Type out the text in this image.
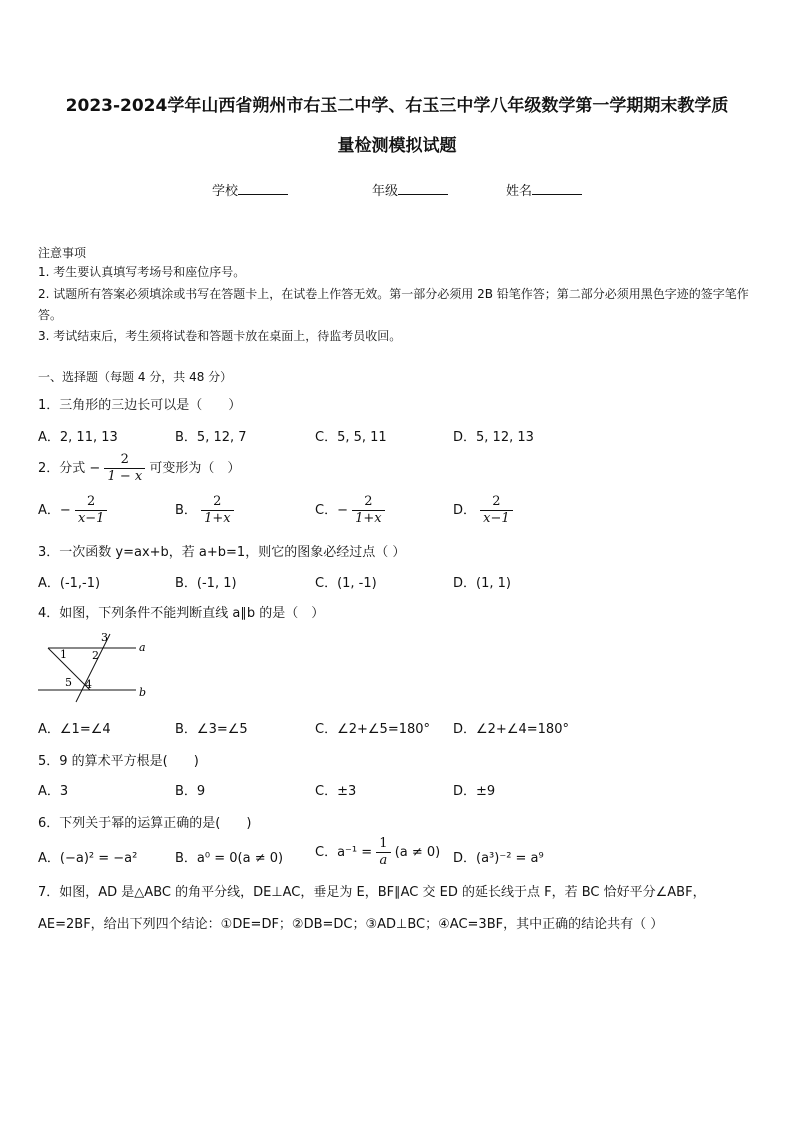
2023-2024学年山西省朔州市右玉二中学、右玉三中学八年级数学第一学期期末教学质
量检测模拟试题
学校	年级	姓名
注意事项
1. 考生要认真填写考场号和座位序号。
2. 试题所有答案必须填涂或书写在答题卡上，在试卷上作答无效。第一部分必须用 2B 铅笔作答；第二部分必须用黑色字迹的签字笔作答。
3. 考试结束后，考生须将试卷和答题卡放在桌面上，待监考员收回。
一、选择题（每题 4 分，共 48 分）
1．三角形的三边长可以是（　　）
A．2, 11, 13	B．5, 12, 7	C．5, 5, 11	D．5, 12, 13
2．分式 − $\frac{2}{1 - x}$ 可变形为（　）
A．− $\frac{2}{x-1}$	B． $\frac{2}{1+x}$	C．− $\frac{2}{1+x}$	D． $\frac{2}{x-1}$
3．一次函数 y=ax+b，若 a+b=1，则它的图象必经过点（ ）
A．(-1,-1)	B．(-1, 1)	C．(1, -1)	D．(1, 1)
4．如图，下列条件不能判断直线 a∥b 的是（　）
3
1 2
5 4
a
b
A．∠1=∠4	B．∠3=∠5	C．∠2+∠5=180° D．∠2+∠4=180°
5．9 的算术平方根是(　　)
A．3	B．9	C．±3	D．±9
6．下列关于幂的运算正确的是(　　)
A．(−a)² = −a²	B．a⁰ = 0(a ≠ 0) C．$a^{-1} = \frac{1}{a} (a \ne 0)$ D．(a³)⁻² = a⁹
7．如图，AD 是△ABC 的角平分线，DE⊥AC，垂足为 E，BF∥AC 交 ED 的延长线于点 F，若 BC 恰好平分∠ABF，AE=2BF，给出下列四个结论：①DE=DF；②DB=DC；③AD⊥BC；④AC=3BF，其中正确的结论共有（ ）
